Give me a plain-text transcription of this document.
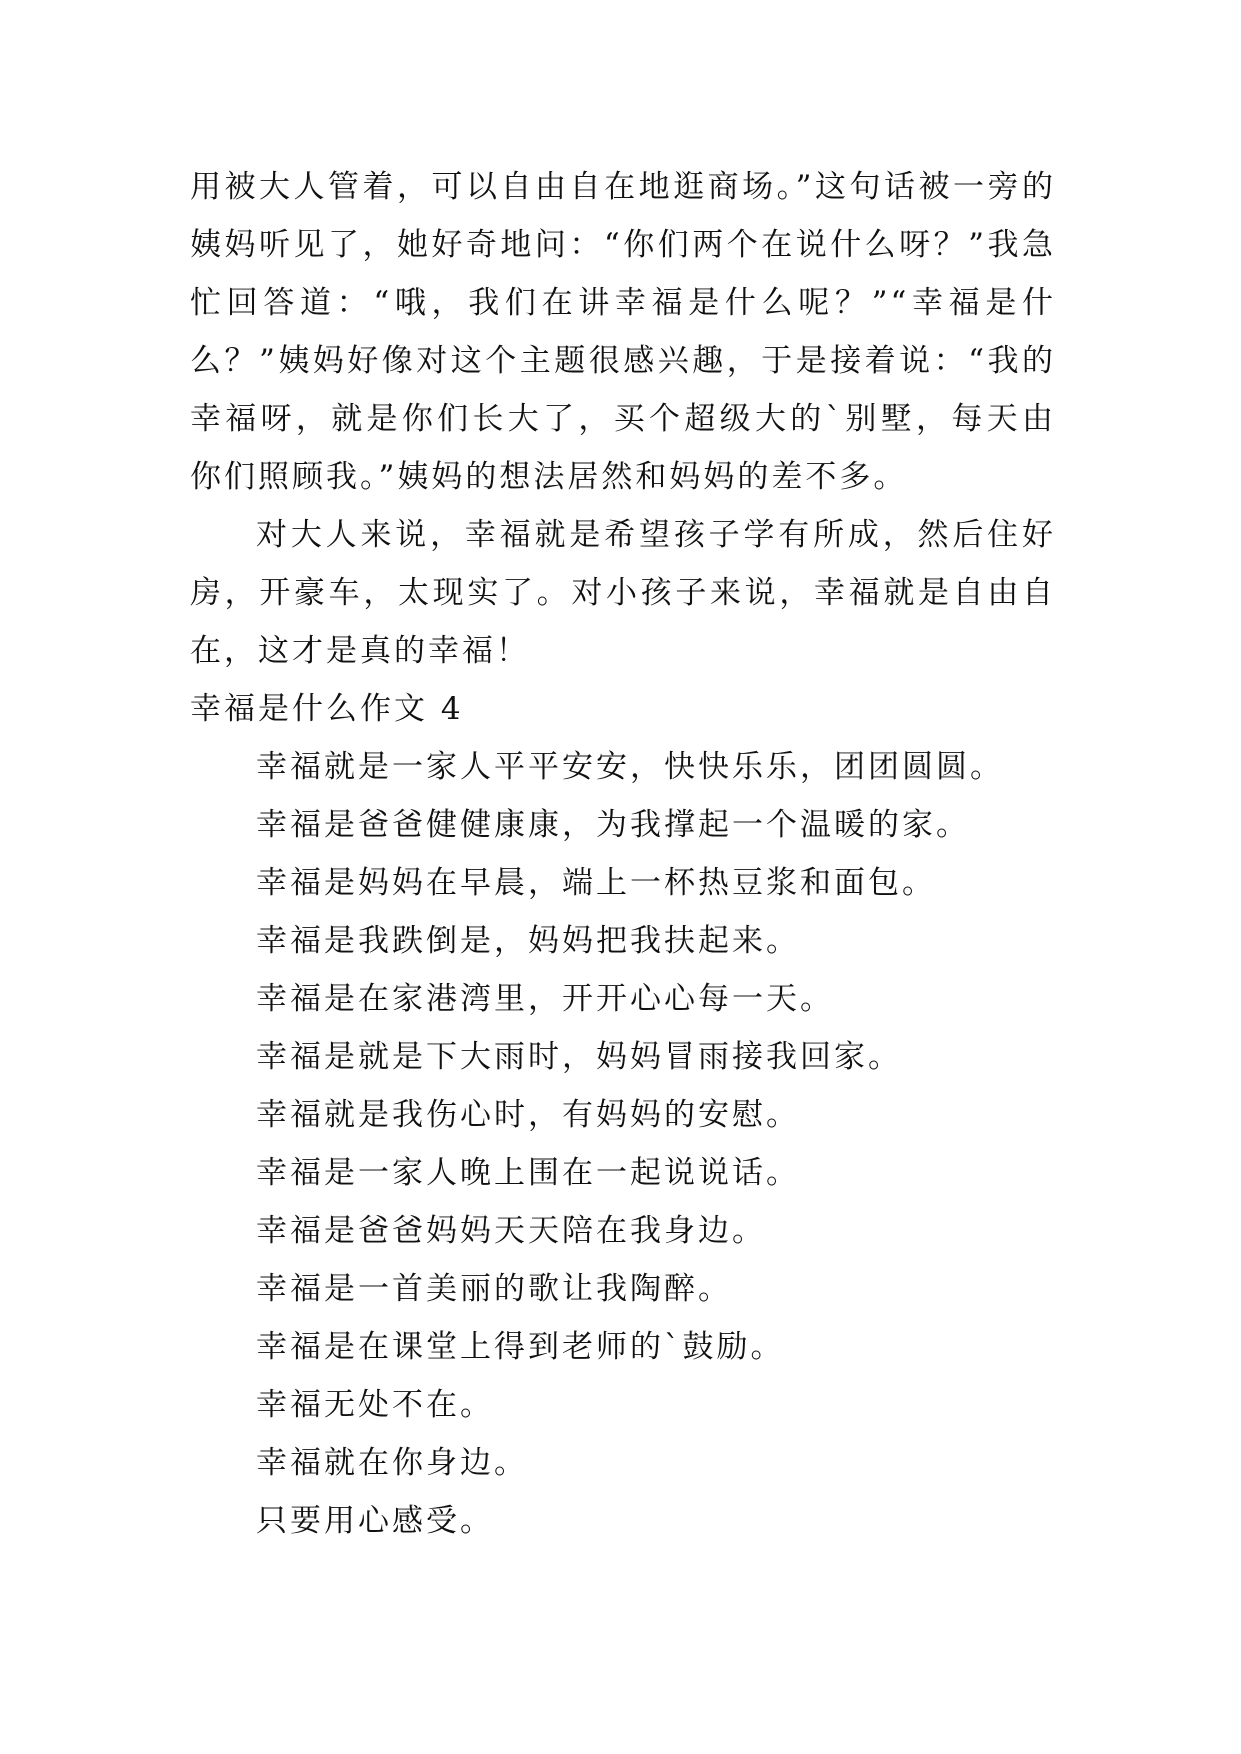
用被大人管着，可以自由自在地逛商场。”这句话被一旁的姨妈听见了，她好奇地问：“你们两个在说什么呀？”我急忙回答道：“哦，我们在讲幸福是什么呢？”“幸福是什么？”姨妈好像对这个主题很感兴趣，于是接着说：“我的幸福呀，就是你们长大了，买个超级大的`别墅，每天由你们照顾我。”姨妈的想法居然和妈妈的差不多。

对大人来说，幸福就是希望孩子学有所成，然后住好房，开豪车，太现实了。对小孩子来说，幸福就是自由自在，这才是真的幸福！

幸福是什么作文 4
幸福就是一家人平平安安，快快乐乐，团团圆圆。
幸福是爸爸健健康康，为我撑起一个温暖的家。
幸福是妈妈在早晨，端上一杯热豆浆和面包。
幸福是我跌倒是，妈妈把我扶起来。
幸福是在家港湾里，开开心心每一天。
幸福是就是下大雨时，妈妈冒雨接我回家。
幸福就是我伤心时，有妈妈的安慰。
幸福是一家人晚上围在一起说说话。
幸福是爸爸妈妈天天陪在我身边。
幸福是一首美丽的歌让我陶醉。
幸福是在课堂上得到老师的`鼓励。
幸福无处不在。
幸福就在你身边。
只要用心感受。
